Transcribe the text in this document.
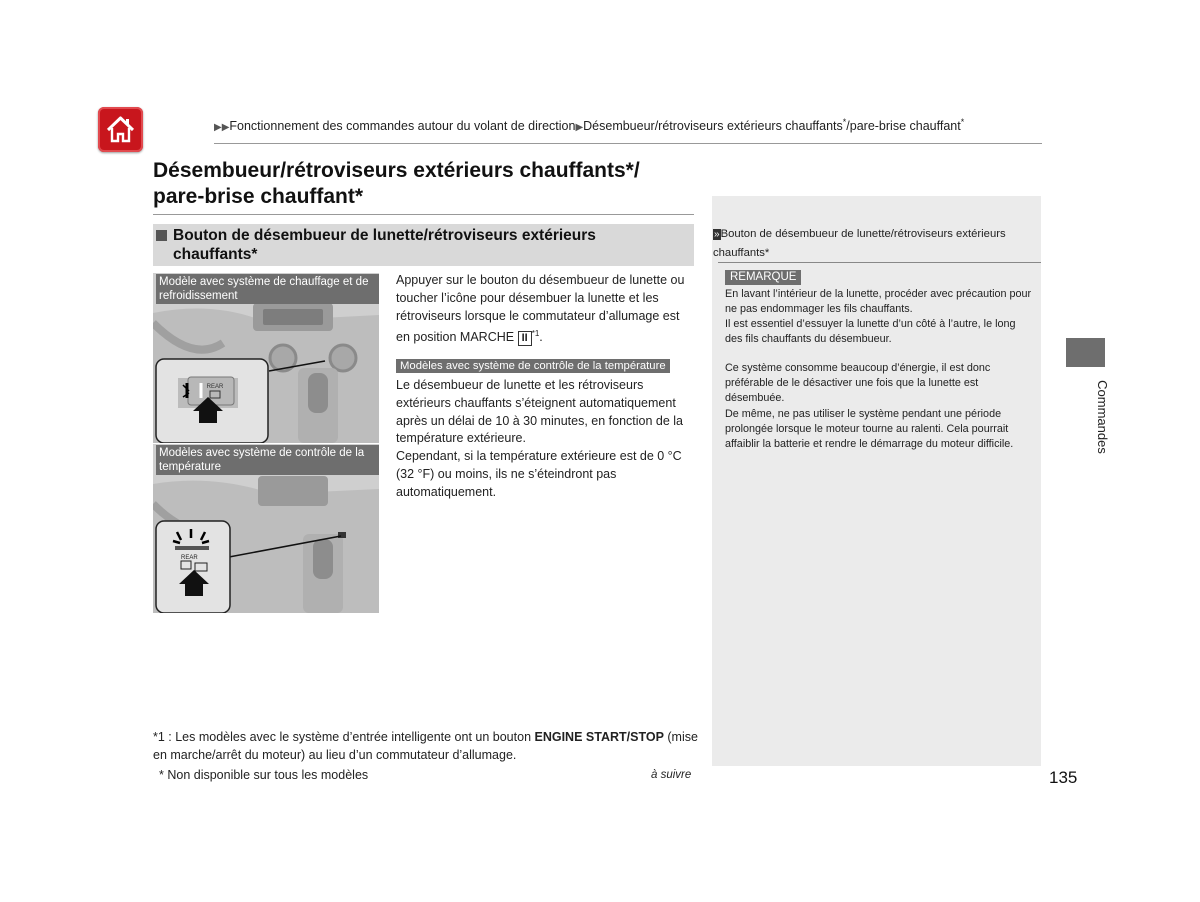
▶▶Fonctionnement des commandes autour du volant de direction▶Désembueur/rétroviseurs extérieurs chauffants*/pare-brise chauffant*
Désembueur/rétroviseurs extérieurs chauffants*/
pare-brise chauffant*
Bouton de désembueur de lunette/rétroviseurs extérieurs
chauffants*
REAR
Modèle avec système de chauffage et de refroidissement
REAR
Modèles avec système de contrôle de la température
Appuyer sur le bouton du désembueur de lunette ou toucher l’icône pour désembuer la lunette et les rétroviseurs lorsque le commutateur d’allumage est en position MARCHE II $^{*1}$.
Modèles avec système de contrôle de la température
Le désembueur de lunette et les rétroviseurs extérieurs chauffants s’éteignent automatiquement après un délai de 10 à 30 minutes, en fonction de la température extérieure.
Cependant, si la température extérieure est de 0 °C (32 °F) ou moins, ils ne s’éteindront pas automatiquement.
»Bouton de désembueur de lunette/rétroviseurs extérieurs chauffants*
REMARQUE
En lavant l’intérieur de la lunette, procéder avec précaution pour ne pas endommager les fils chauffants.
Il est essentiel d’essuyer la lunette d’un côté à l’autre, le long des fils chauffants du désembueur.
Ce système consomme beaucoup d’énergie, il est donc préférable de le désactiver une fois que la lunette est désembuée.
De même, ne pas utiliser le système pendant une période prolongée lorsque le moteur tourne au ralenti. Cela pourrait affaiblir la batterie et rendre le démarrage du moteur difficile.	Commandes
*1 : Les modèles avec le système d’entrée intelligente ont un bouton ENGINE START/STOP (mise en marche/arrêt du moteur) au lieu d’un commutateur d’allumage.
* Non disponible sur tous les modèles	à suivre	135
